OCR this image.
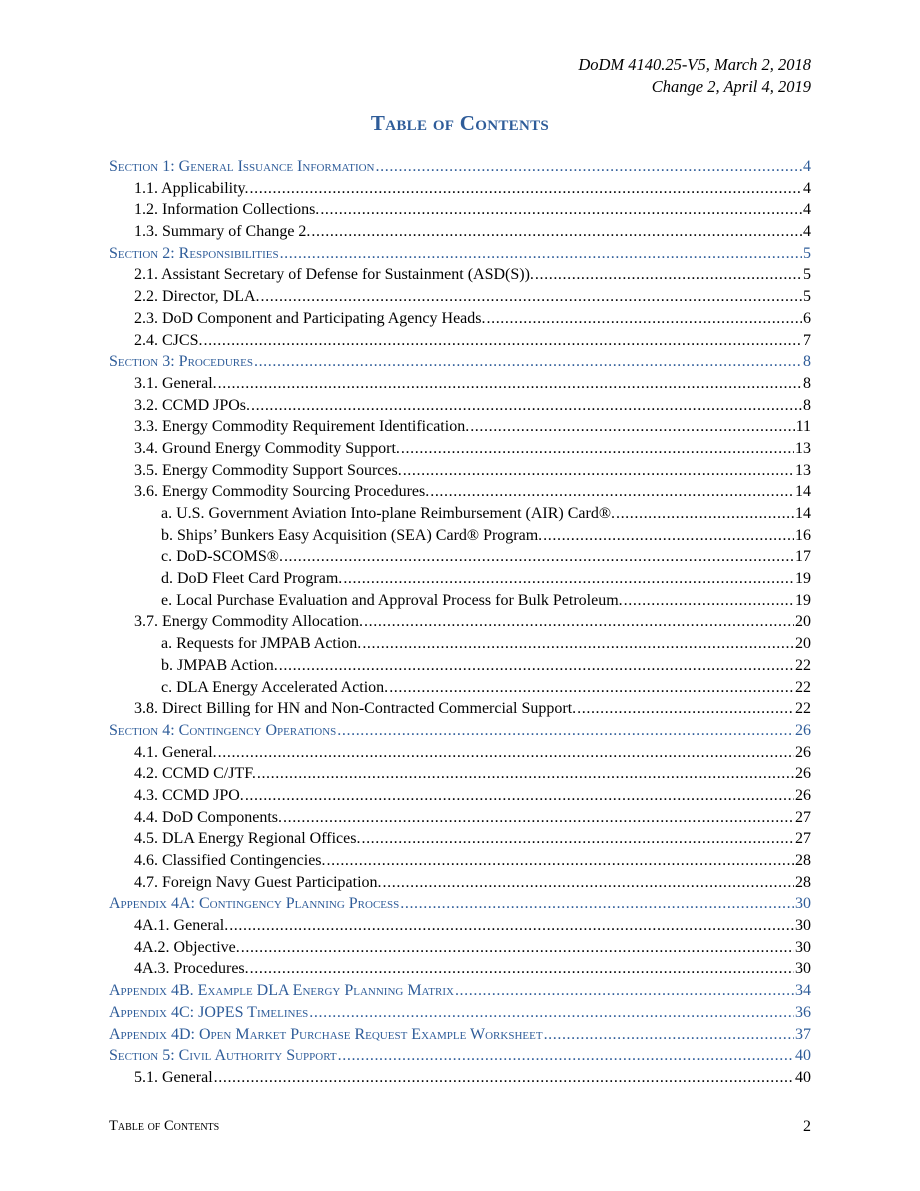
DoDM 4140.25-V5, March 2, 2018
Change 2, April 4, 2019
Table of Contents
Section 1: General Issuance Information .....	4
1.1. Applicability. .....	4
1.2. Information Collections. .....	4
1.3. Summary of Change 2. .....	4
Section 2: Responsibilities .....	5
2.1. Assistant Secretary of Defense for Sustainment (ASD(S)). .....	5
2.2. Director, DLA. .....	5
2.3. DoD Component and Participating Agency Heads. .....	6
2.4. CJCS. .....	7
Section 3: Procedures .....	8
3.1. General. .....	8
3.2. CCMD JPOs. .....	8
3.3. Energy Commodity Requirement Identification. .....	11
3.4. Ground Energy Commodity Support. .....	13
3.5. Energy Commodity Support Sources. .....	13
3.6. Energy Commodity Sourcing Procedures. .....	14
a. U.S. Government Aviation Into-plane Reimbursement (AIR) Card®. .....	14
b. Ships’ Bunkers Easy Acquisition (SEA) Card® Program. .....	16
c. DoD-SCOMS®. .....	17
d. DoD Fleet Card Program. .....	19
e. Local Purchase Evaluation and Approval Process for Bulk Petroleum. .....	19
3.7. Energy Commodity Allocation. .....	20
a. Requests for JMPAB Action. .....	20
b. JMPAB Action. .....	22
c. DLA Energy Accelerated Action. .....	22
3.8. Direct Billing for HN and Non-Contracted Commercial Support. .....	22
Section 4: Contingency Operations .....	26
4.1. General. .....	26
4.2. CCMD C/JTF. .....	26
4.3. CCMD JPO. .....	26
4.4. DoD Components. .....	27
4.5. DLA Energy Regional Offices. .....	27
4.6. Classified Contingencies. .....	28
4.7. Foreign Navy Guest Participation. .....	28
Appendix 4A: Contingency Planning Process .....	30
4A.1. General. .....	30
4A.2. Objective. .....	30
4A.3. Procedures. .....	30
Appendix 4B. Example DLA Energy Planning Matrix .....	34
Appendix 4C: JOPES Timelines .....	36
Appendix 4D: Open Market Purchase Request Example Worksheet .....	37
Section 5: Civil Authority Support .....	40
5.1. General .....	40
Table of Contents	2
